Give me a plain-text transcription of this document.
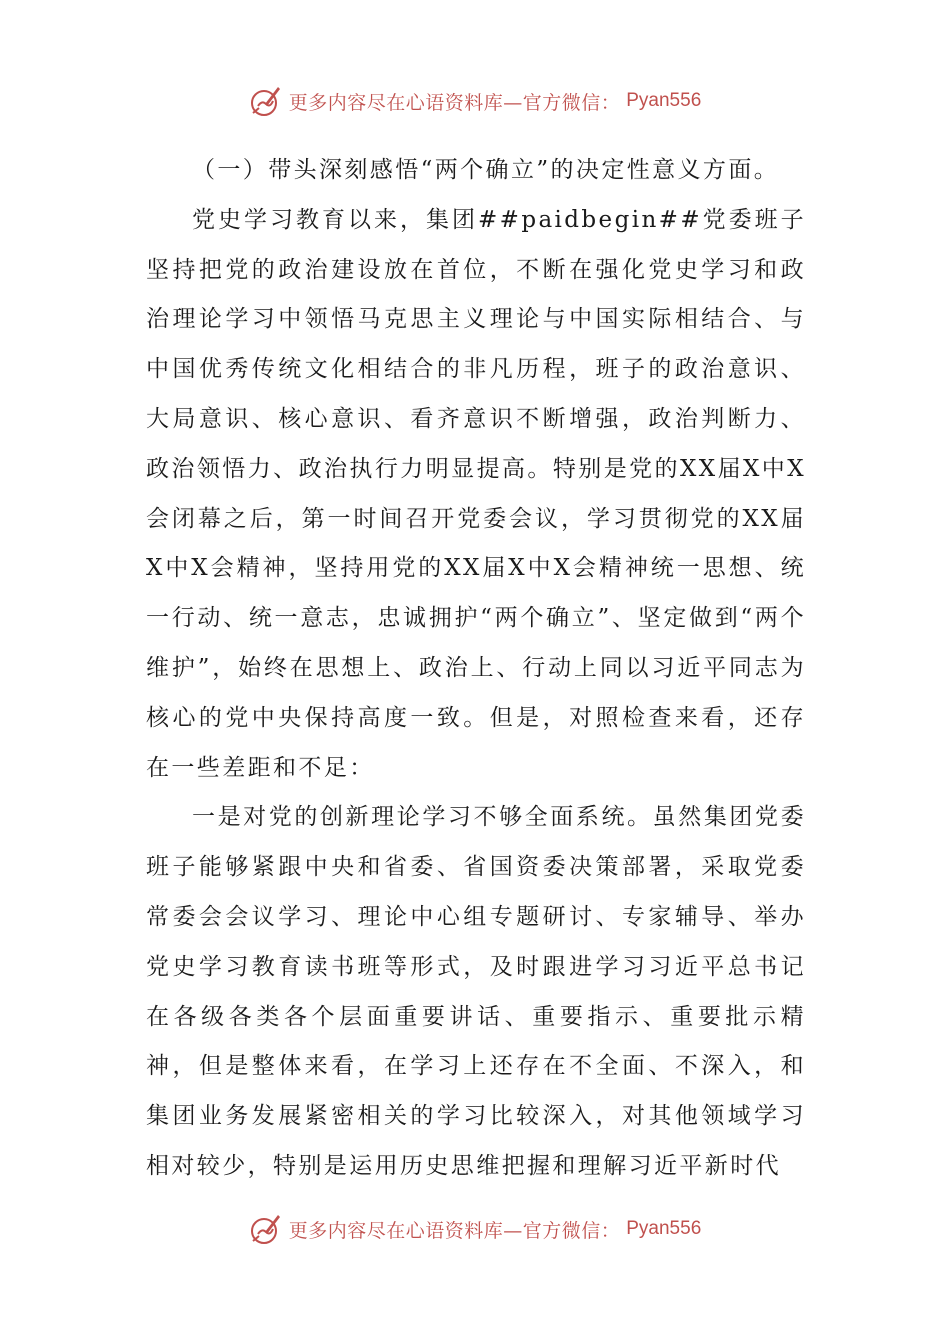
更多内容尽在心语资料库—官方微信： Pyan556

（一）带头深刻感悟“两个确立”的决定性意义方面。

党史学习教育以来，集团##paidbegin##党委班子坚持把党的政治建设放在首位，不断在强化党史学习和政治理论学习中领悟马克思主义理论与中国实际相结合、与中国优秀传统文化相结合的非凡历程，班子的政治意识、大局意识、核心意识、看齐意识不断增强，政治判断力、政治领悟力、政治执行力明显提高。特别是党的XX届X中X会闭幕之后，第一时间召开党委会议，学习贯彻党的XX届X中X会精神，坚持用党的XX届X中X会精神统一思想、统一行动、统一意志，忠诚拥护“两个确立”、坚定做到“两个维护”，始终在思想上、政治上、行动上同以习近平同志为核心的党中央保持高度一致。但是，对照检查来看，还存在一些差距和不足：

一是对党的创新理论学习不够全面系统。虽然集团党委班子能够紧跟中央和省委、省国资委决策部署，采取党委常委会会议学习、理论中心组专题研讨、专家辅导、举办党史学习教育读书班等形式，及时跟进学习习近平总书记在各级各类各个层面重要讲话、重要指示、重要批示精神，但是整体来看，在学习上还存在不全面、不深入，和集团业务发展紧密相关的学习比较深入，对其他领域学习相对较少，特别是运用历史思维把握和理解习近平新时代

更多内容尽在心语资料库—官方微信： Pyan556
